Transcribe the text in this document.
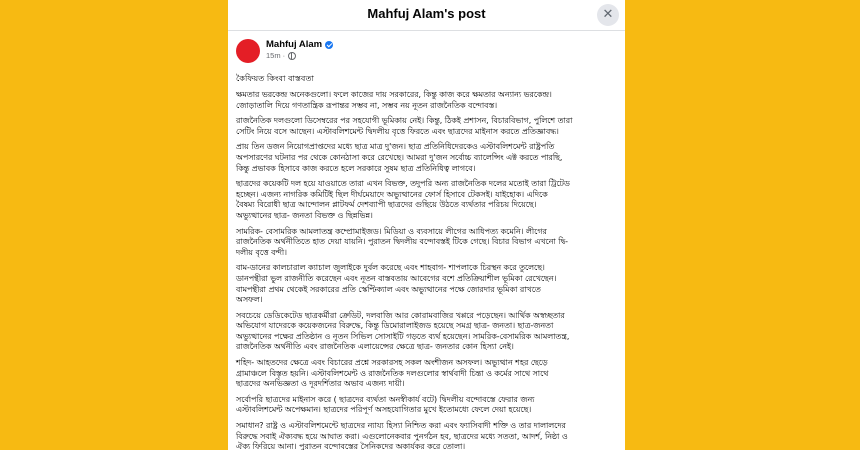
Mahfuj Alam's post	✕
Mahfuj Alam
15m ·
কৈফিয়ত কিংবা বাস্তবতা

ক্ষমতার ভরকেন্দ্র অনেকগুলো। ফলে কাজের দায় সরকারের, কিন্তু কাজ করে ক্ষমতার অন্যান্য ভরকেন্দ্র।
জোড়াতালি দিয়ে গণতান্ত্রিক রূপান্তর সম্ভব না, সম্ভব নয় নূতন রাজনৈতিক বন্দোবস্ত।

রাজনৈতিক দলগুলো ডিসেম্বরের পর সহযোগী ভূমিকায় নেই। কিন্তু, ঠিকই প্রশাসন, বিচারবিভাগ, পুলিশে তারা
সেটিং নিয়ে বসে আছেন। এস্টাবলিশমেন্ট দ্বিদলীয় বৃত্তে ফিরতে এবং ছাত্রদের মাইনাস করতে প্রতিজ্ঞাবদ্ধ।

প্রায় তিন ডজন নিয়োগপ্রাপ্তদের মধ্যে ছাত্র মাত্র দু'জন। ছাত্র প্রতিনিধিদেরকেও এস্টাবলিশমেন্ট রাষ্ট্রপতি
অপসারণের ঘটনার পর থেকে কোনঠাসা করে রেখেছে। আমরা দু'জন সর্বোচ্চ ব্যালেন্সিং এক্ট করতে পারছি,
কিন্তু প্রভাবক হিসাবে কাজ করতে হলে সরকারে সুষম ছাত্র প্রতিনিধিত্ব লাগবে।

ছাত্রদের কয়েকটি দল হয়ে যাওয়াতে তারা এখন বিভক্ত, তদুপরি অন্য রাজনৈতিক দলের মতোই তারা ট্রিটেড
হচ্ছেন। এজন্য নাগরিক কমিটিই ছিল দীর্ঘমেয়াদে অভ্যুত্থানের ফোর্স হিসাবে টেকসই। যাইহোক। এদিকে
বৈষম্য বিরোধী ছাত্র আন্দোলন প্লাটফর্ম দেশব্যাপী ছাত্রদের গুছিয়ে উঠতে ব্যর্থতার পরিচয় দিয়েছে।
অভ্যুত্থানের ছাত্র- জনতা বিভক্ত ও ছিন্নভিন্ন।

সামরিক- বেসামরিক আমলাতন্ত্র কম্প্রোমাইজড। মিডিয়া ও ব্যবসায়ে লীগের আধিপত্য কমেনি। লীগের
রাজনৈতিক অর্থনীতিতে হাত দেয়া যায়নি। পুরাতন দ্বিদলীয় বন্দোবস্তই টিকে গেছে। বিচার বিভাগ এখনো দ্বি-
দলীয় বৃত্তে বন্দী।

বাম-ডানের কালচারাল ক্যাচাল জুলাইকে দুর্বল করেছে এবং শাহবাগ- শাপলাকে চিরস্থন করে তুলেছে।
ডানপন্থীরা ভুল রাজনীতি করেছেন এবং নূতন বাস্তবতায় আবেগের বশে প্রতিক্রিয়াশীল ভূমিকা রেখেছেন।
বামপন্থীরা প্রথম থেকেই সরকারের প্রতি স্কেপ্টিক্যাল এবং অভ্যুত্থানের পক্ষে জোরদার ভূমিকা রাখতে
অসফল।

সবচেয়ে ডেডিকেটেড ছাত্রকর্মীরা ক্রেডিট, দলবাজি আর কোরামবাজির খপ্পরে পড়েছেন। আর্থিক অস্বচ্ছতার
অভিযোগ যাদেরকে কয়েকজনের বিরুদ্ধে, কিন্তু ডিমোরালাইজড হয়েছে সমগ্র ছাত্র- জনতা। ছাত্র-জনতা
অভ্যুত্থানের পক্ষের প্রতিষ্ঠান ও নূতন সিভিল সোসাইটি গড়তে ব্যর্থ হয়েছেন। সামরিক-বেসামরিক আমলাতন্ত্র,
রাজনৈতিক অর্থনীতি এবং রাজনৈতিক এলায়েন্সের ক্ষেত্রে ছাত্র- জনতার কোন হিস্যা নেই।

শহিদ- আহতদের ক্ষেত্রে এবং বিচারের প্রশ্নে সরকারসহ সকল অংশীজন অসফল। অভ্যুত্থান শহর ছেড়ে
গ্রামাঞ্চলে বিস্তৃত হয়নি। এস্টাবলিশমেন্ট ও রাজনৈতিক দলগুলোর স্বার্থবাদী চিন্তা ও কর্মের সাথে সাথে
ছাত্রদের অনভিজ্ঞতা ও দূরদর্শিতার অভাব এজন্য দায়ী।

সর্বোপরি ছাত্রদের মাইনাস করে ( ছাত্রদের ব্যর্থতা অনস্বীকার্য বটে) দ্বিদলীয় বন্দোবস্তে ফেরার জন্য
এস্টাবলিশমেন্ট অপেক্ষমান। ছাত্রদের পরিপূর্ণ অসহযোগিতার মুখে ইতোমধ্যে ফেলে দেয়া হয়েছে।

সমাধান? রাষ্ট্র ও এস্টাবলিশমেন্টে ছাত্রদের ন্যায্য হিস্যা নিশ্চিত করা এবং ফ্যাসিবাদী শক্তি ও তার দালালদের
বিরুদ্ধে সবাই ঐক্যবদ্ধ হয়ে আঘাত করা। এগুলোনেকবার পুনর্গঠন হব, ছাত্রদের মধ্যে সততা, আদর্শ, নিষ্ঠা ও
ঐক্য ফিরিয়ে আনা। পুরাতন বন্দোবস্তের সৈনিকদের অকার্যকর করে তোলা।
